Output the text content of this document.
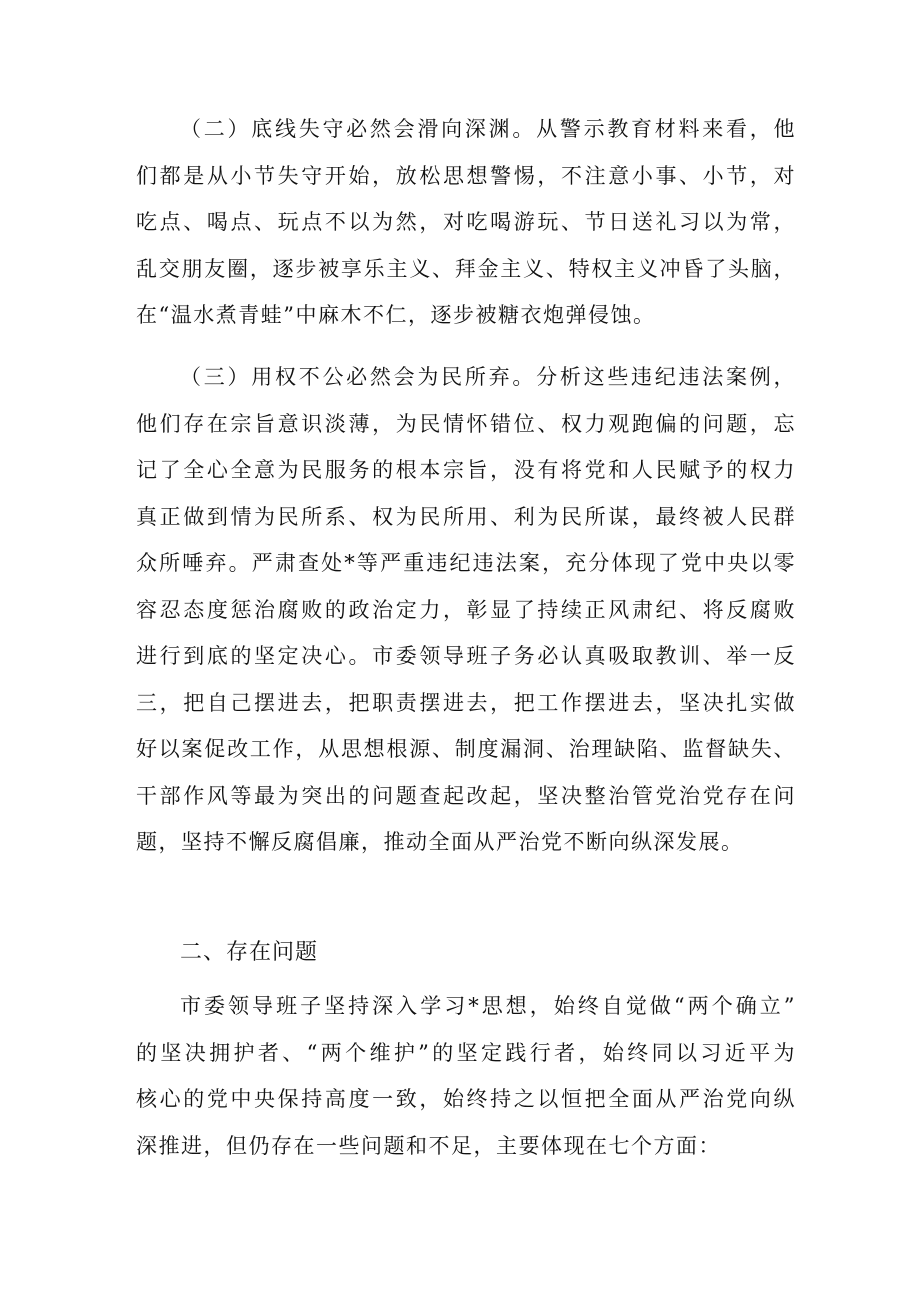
（二）底线失守必然会滑向深渊。从警示教育材料来看，他
们都是从小节失守开始，放松思想警惕，不注意小事、小节，对
吃点、喝点、玩点不以为然，对吃喝游玩、节日送礼习以为常，
乱交朋友圈，逐步被享乐主义、拜金主义、特权主义冲昏了头脑，
在“温水煮青蛙”中麻木不仁，逐步被糖衣炮弹侵蚀。
（三）用权不公必然会为民所弃。分析这些违纪违法案例，
他们存在宗旨意识淡薄，为民情怀错位、权力观跑偏的问题，忘
记了全心全意为民服务的根本宗旨，没有将党和人民赋予的权力
真正做到情为民所系、权为民所用、利为民所谋，最终被人民群
众所唾弃。严肃查处*等严重违纪违法案，充分体现了党中央以零
容忍态度惩治腐败的政治定力，彰显了持续正风肃纪、将反腐败
进行到底的坚定决心。市委领导班子务必认真吸取教训、举一反
三，把自己摆进去，把职责摆进去，把工作摆进去，坚决扎实做
好以案促改工作，从思想根源、制度漏洞、治理缺陷、监督缺失、
干部作风等最为突出的问题查起改起，坚决整治管党治党存在问
题，坚持不懈反腐倡廉，推动全面从严治党不断向纵深发展。
二、存在问题
市委领导班子坚持深入学习*思想，始终自觉做“两个确立”
的坚决拥护者、“两个维护”的坚定践行者，始终同以习近平为
核心的党中央保持高度一致，始终持之以恒把全面从严治党向纵
深推进，但仍存在一些问题和不足，主要体现在七个方面：
